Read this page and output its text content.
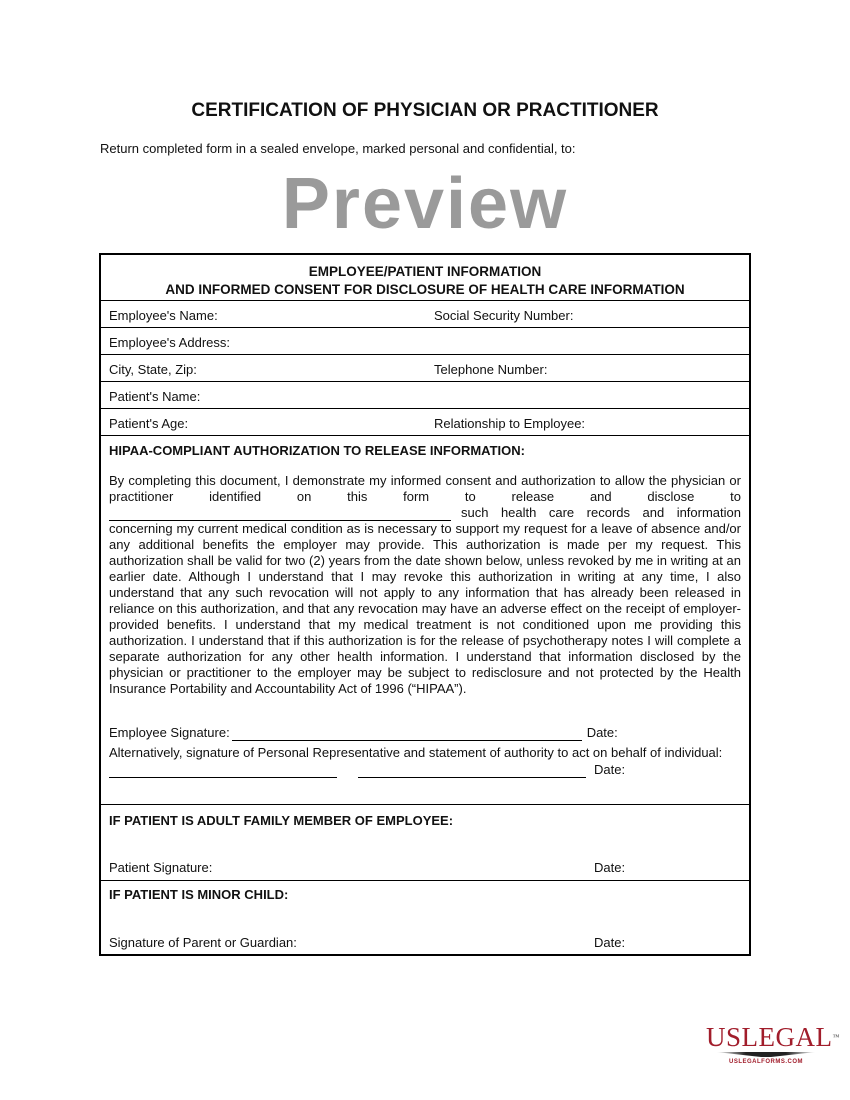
CERTIFICATION OF PHYSICIAN OR PRACTITIONER
Return completed form in a sealed envelope, marked personal and confidential, to:
Preview
EMPLOYEE/PATIENT INFORMATION
AND INFORMED CONSENT FOR DISCLOSURE OF HEALTH CARE INFORMATION
Employee's Name:	Social Security Number:
Employee's Address:
City, State, Zip:	Telephone Number:
Patient's Name:
Patient's Age:	Relationship to Employee:
HIPAA-COMPLIANT AUTHORIZATION TO RELEASE INFORMATION:
By completing this document, I demonstrate my informed consent and authorization to allow the physician or practitioner identified on this form to release and disclose to
such health care records and information
concerning my current medical condition as is necessary to support my request for a leave of absence and/or any additional benefits the employer may provide. This authorization is made per my request. This authorization shall be valid for two (2) years from the date shown below, unless revoked by me in writing at an earlier date. Although I understand that I may revoke this authorization in writing at any time, I also understand that any such revocation will not apply to any information that has already been released in reliance on this authorization, and that any revocation may have an adverse effect on the receipt of employer-provided benefits. I understand that my medical treatment is not conditioned upon me providing this authorization. I understand that if this authorization is for the release of psychotherapy notes I will complete a separate authorization for any other health information. I understand that information disclosed by the physician or practitioner to the employer may be subject to redisclosure and not protected by the Health Insurance Portability and Accountability Act of 1996 (“HIPAA”).
Employee Signature:	Date:
Alternatively, signature of Personal Representative and statement of authority to act on behalf of individual:
Date:
IF PATIENT IS ADULT FAMILY MEMBER OF EMPLOYEE:
Patient Signature:	Date:
IF PATIENT IS MINOR CHILD:
Signature of Parent or Guardian:	Date:
USLEGAL™
USLEGALFORMS.COM
